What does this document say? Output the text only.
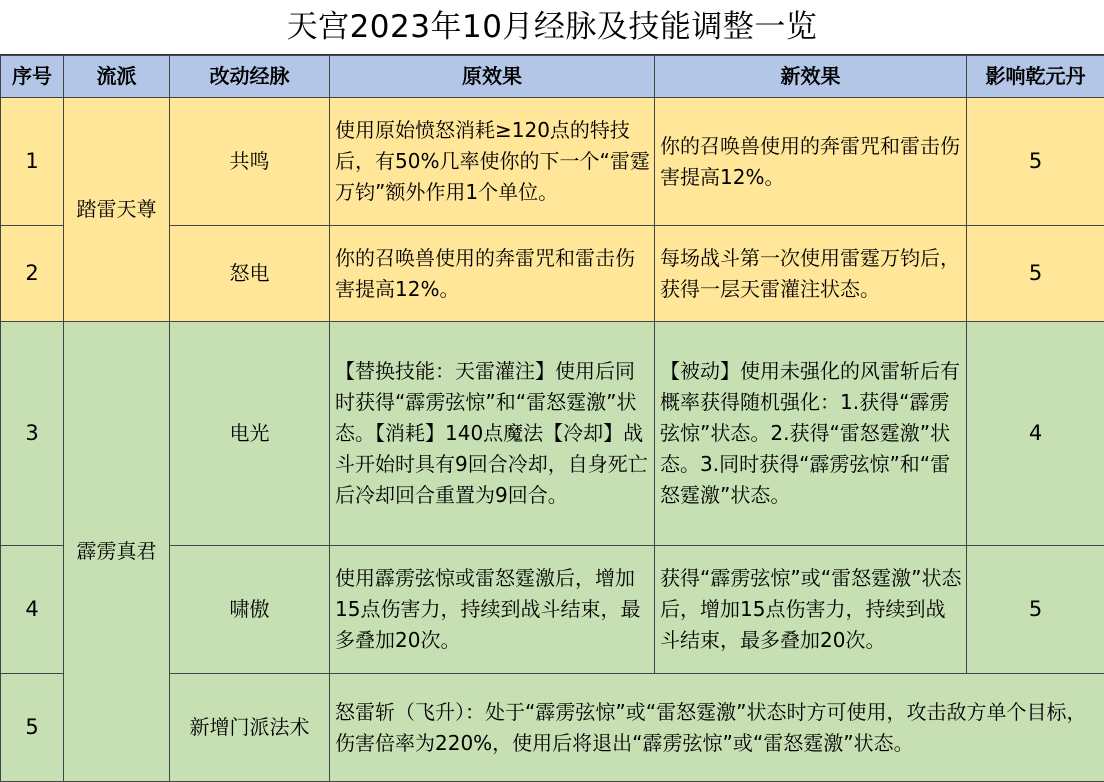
天宫2023年10月经脉及技能调整一览
序号	流派	改动经脉	原效果	新效果	影响乾元丹
1	踏雷天尊	共鸣	使用原始愤怒消耗≥120点的特技后，有50%几率使你的下一个“雷霆万钧”额外作用1个单位。	你的召唤兽使用的奔雷咒和雷击伤害提高12%。	5
2		怒电	你的召唤兽使用的奔雷咒和雷击伤害提高12%。	每场战斗第一次使用雷霆万钧后，获得一层天雷灌注状态。	5
3	霹雳真君	电光	【替换技能：天雷灌注】使用后同时获得“霹雳弦惊”和“雷怒霆激”状态。【消耗】140点魔法【冷却】战斗开始时具有9回合冷却，自身死亡后冷却回合重置为9回合。	【被动】使用未强化的风雷斩后有概率获得随机强化：1.获得“霹雳弦惊”状态。2.获得“雷怒霆激”状态。3.同时获得“霹雳弦惊”和“雷怒霆激”状态。	4
4		啸傲	使用霹雳弦惊或雷怒霆激后，增加15点伤害力，持续到战斗结束，最多叠加20次。	获得“霹雳弦惊”或“雷怒霆激”状态后，增加15点伤害力，持续到战斗结束，最多叠加20次。	5
5		新增门派法术	怒雷斩（飞升）：处于“霹雳弦惊”或“雷怒霆激”状态时方可使用，攻击敌方单个目标，伤害倍率为220%，使用后将退出“霹雳弦惊”或“雷怒霆激”状态。		
